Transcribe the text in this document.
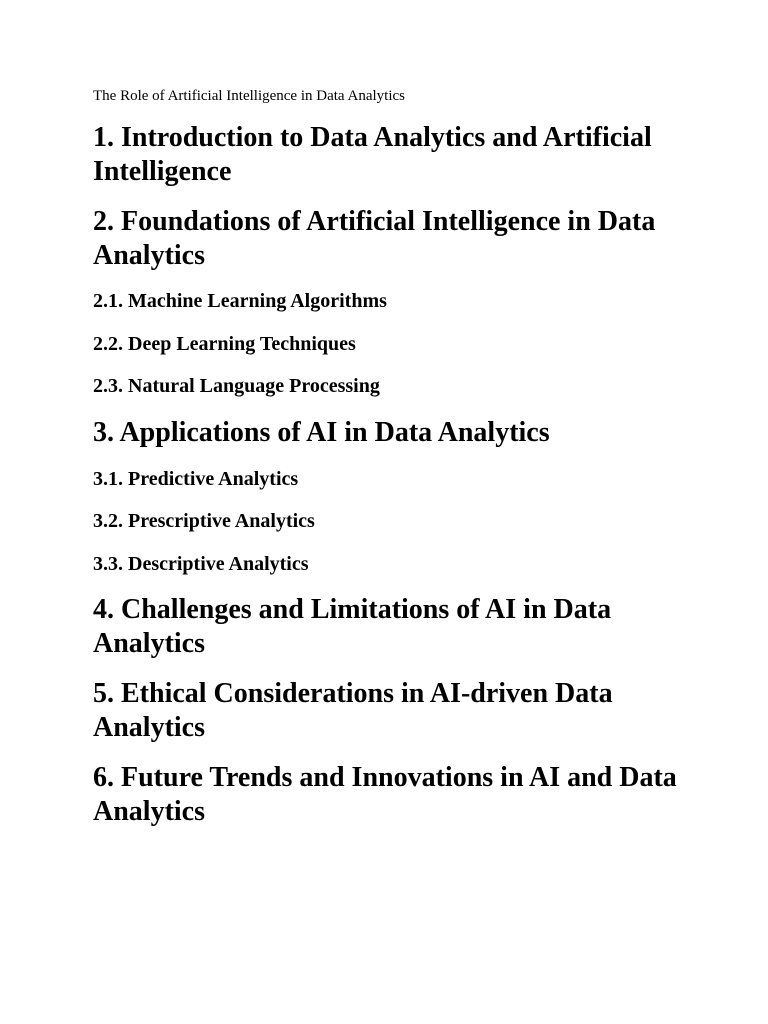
The Role of Artificial Intelligence in Data Analytics

1. Introduction to Data Analytics and Artificial Intelligence
2. Foundations of Artificial Intelligence in Data Analytics
2.1. Machine Learning Algorithms
2.2. Deep Learning Techniques
2.3. Natural Language Processing
3. Applications of AI in Data Analytics
3.1. Predictive Analytics
3.2. Prescriptive Analytics
3.3. Descriptive Analytics
4. Challenges and Limitations of AI in Data Analytics
5. Ethical Considerations in AI-driven Data Analytics
6. Future Trends and Innovations in AI and Data Analytics
